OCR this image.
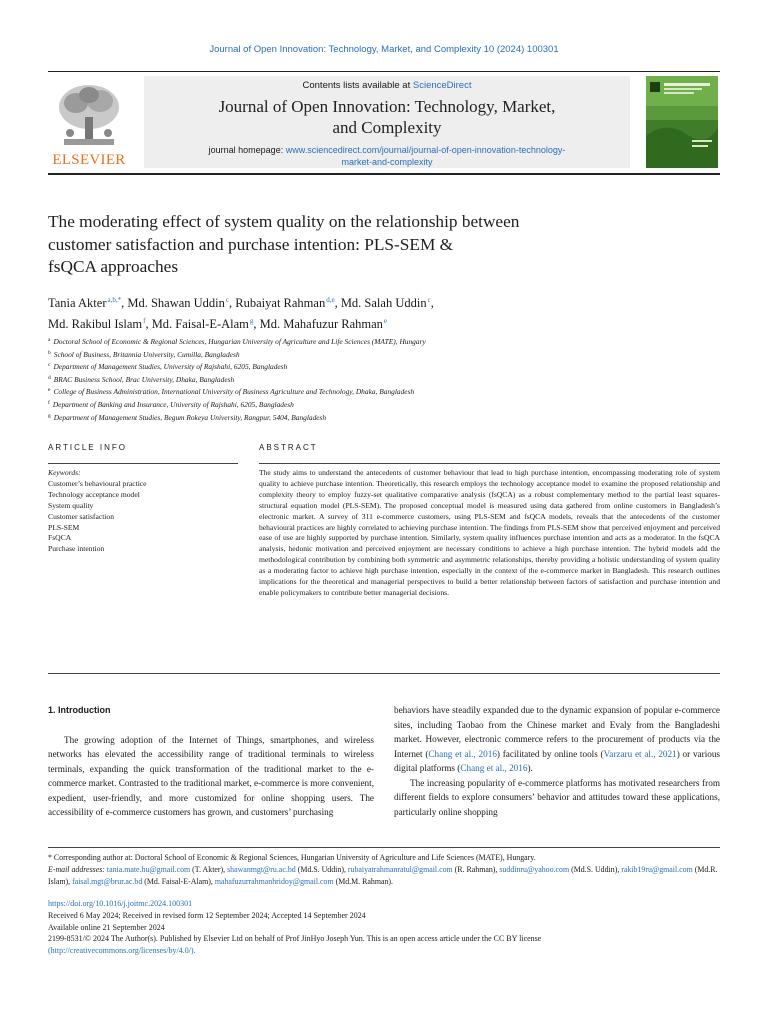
Journal of Open Innovation: Technology, Market, and Complexity 10 (2024) 100301
ELSEVIER
Contents lists available at ScienceDirect
Journal of Open Innovation: Technology, Market,
and Complexity
journal homepage: www.sciencedirect.com/journal/journal-of-open-innovation-technology-
market-and-complexity
The moderating effect of system quality on the relationship between
customer satisfaction and purchase intention: PLS-SEM &
fsQCA approaches
Tania Akter$^{a,b,*}$, Md. Shawan Uddin$^c$, Rubaiyat Rahman$^{d,e}$, Md. Salah Uddin$^c$,
Md. Rakibul Islam$^f$, Md. Faisal-E-Alam$^g$, Md. Mahafuzur Rahman$^e$
$^a$ Doctoral School of Economic & Regional Sciences, Hungarian University of Agriculture and Life Sciences (MATE), Hungary
$^b$ School of Business, Britannia University, Cumilla, Bangladesh
$^c$ Department of Management Studies, University of Rajshahi, 6205, Bangladesh
$^d$ BRAC Business School, Brac University, Dhaka, Bangladesh
$^e$ College of Business Administration, International University of Business Agriculture and Technology, Dhaka, Bangladesh
$^f$ Department of Banking and Insurance, University of Rajshahi, 6205, Bangladesh
$^g$ Department of Management Studies, Begum Rokeya University, Rangpur, 5404, Bangladesh
ARTICLE INFO	ABSTRACT
Keywords:
Customer’s behavioural practice
Technology acceptance model
System quality
Customer satisfaction
PLS-SEM
FsQCA
Purchase intention
The study aims to understand the antecedents of customer behaviour that lead to high purchase intention, encompassing moderating role of system quality to achieve purchase intention. Theoretically, this research employs the technology acceptance model to examine the proposed relationship and complexity theory to employ fuzzy-set qualitative comparative analysis (fsQCA) as a robust complementary method to the partial least squares-structural equation model (PLS-SEM). The proposed conceptual model is measured using data gathered from online customers in Bangladesh’s electronic market. A survey of 311 e-commerce customers, using PLS-SEM and fsQCA models, reveals that the antecedents of the customer behavioural practices are highly correlated to achieving purchase intention. The findings from PLS-SEM show that perceived enjoyment and perceived ease of use are highly supported by purchase intention. Similarly, system quality influences purchase intention and acts as a moderator. In the fsQCA analysis, hedonic motivation and perceived enjoyment are necessary conditions to achieve a high purchase intention. The hybrid models add the methodological contribution by combining both symmetric and asymmetric relationships, thereby providing a holistic understanding of system quality as a moderating factor to achieve high purchase intention, especially in the context of the e-commerce market in Bangladesh. This research outlines implications for the theoretical and managerial perspectives to build a better relationship between factors of satisfaction and purchase intention and enable policymakers to contribute better managerial decisions.
1. Introduction

The growing adoption of the Internet of Things, smartphones, and wireless networks has elevated the accessibility range of traditional terminals to wireless terminals, expanding the quick transformation of the traditional market to the e-commerce market. Contrasted to the traditional market, e-commerce is more convenient, expedient, user-friendly, and more customized for online shopping users. The accessibility of e-commerce customers has grown, and customers’ purchasing

behaviors have steadily expanded due to the dynamic expansion of popular e-commerce sites, including Taobao from the Chinese market and Evaly from the Bangladeshi market. However, electronic commerce refers to the procurement of products via the Internet (Chang et al., 2016) facilitated by online tools (Varzaru et al., 2021) or various digital platforms (Chang et al., 2016).

The increasing popularity of e-commerce platforms has motivated researchers from different fields to explore consumers’ behavior and attitudes toward these applications, particularly online shopping

* Corresponding author at: Doctoral School of Economic & Regional Sciences, Hungarian University of Agriculture and Life Sciences (MATE), Hungary.
E-mail addresses: tania.mate.hu@gmail.com (T. Akter), shawanmgt@ru.ac.bd (Md.S. Uddin), rubaiyatrahmanratul@gmail.com (R. Rahman), suddinru@yahoo.com (Md.S. Uddin), rakib19ru@gmail.com (Md.R. Islam), faisal.mgt@brur.ac.bd (Md. Faisal-E-Alam), mahafuzurrahmanhridoy@gmail.com (Md.M. Rahman).
https://doi.org/10.1016/j.joitmc.2024.100301
Received 6 May 2024; Received in revised form 12 September 2024; Accepted 14 September 2024
Available online 21 September 2024
2199-8531/© 2024 The Author(s). Published by Elsevier Ltd on behalf of Prof JinHyo Joseph Yun. This is an open access article under the CC BY license
(http://creativecommons.org/licenses/by/4.0/).
